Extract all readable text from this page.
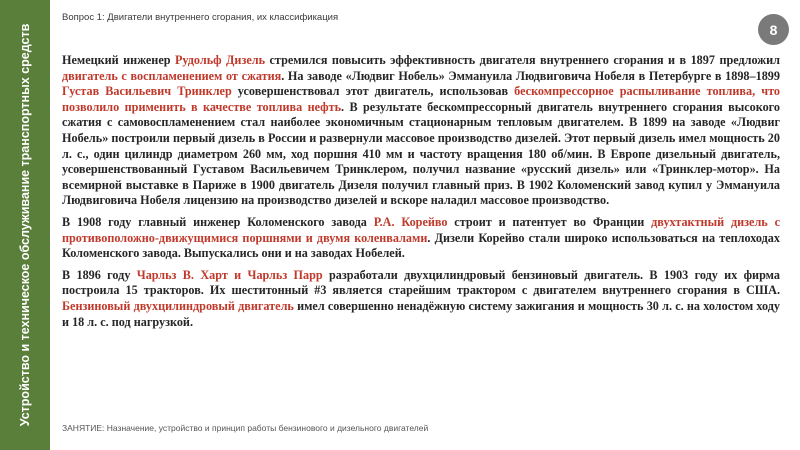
Устройство и техническое обслуживание транспортных средств
Вопрос 1: Двигатели внутреннего сгорания, их классификация
8

Немецкий инженер Рудольф Дизель стремился повысить эффективность двигателя внутреннего сгорания и в 1897 предложил двигатель с воспламенением от сжатия. На заводе «Людвиг Нобель» Эммануила Людвиговича Нобеля в Петербурге в 1898–1899 Густав Васильевич Тринклер усовершенствовал этот двигатель, использовав бескомпрессорное распыливание топлива, что позволило применить в качестве топлива нефть. В результате бескомпрессорный двигатель внутреннего сгорания высокого сжатия с самовоспламенением стал наиболее экономичным стационарным тепловым двигателем. В 1899 на заводе «Людвиг Нобель» построили первый дизель в России и развернули массовое производство дизелей. Этот первый дизель имел мощность 20 л. с., один цилиндр диаметром 260 мм, ход поршня 410 мм и частоту вращения 180 об/мин. В Европе дизельный двигатель, усовершенствованный Густавом Васильевичем Тринклером, получил название «русский дизель» или «Тринклер-мотор». На всемирной выставке в Париже в 1900 двигатель Дизеля получил главный приз. В 1902 Коломенский завод купил у Эммануила Людвиговича Нобеля лицензию на производство дизелей и вскоре наладил массовое производство.

В 1908 году главный инженер Коломенского завода Р.А. Корейво строит и патентует во Франции двухтактный дизель с противоположно-движущимися поршнями и двумя коленвалами. Дизели Корейво стали широко использоваться на теплоходах Коломенского завода. Выпускались они и на заводах Нобелей.

В 1896 году Чарльз В. Харт и Чарльз Парр разработали двухцилиндровый бензиновый двигатель. В 1903 году их фирма построила 15 тракторов. Их шеститонный #3 является старейшим трактором с двигателем внутреннего сгорания в США. Бензиновый двухцилиндровый двигатель имел совершенно ненадёжную систему зажигания и мощность 30 л. с. на холостом ходу и 18 л. с. под нагрузкой.

ЗАНЯТИЕ: Назначение, устройство и принцип работы бензинового и дизельного двигателей
